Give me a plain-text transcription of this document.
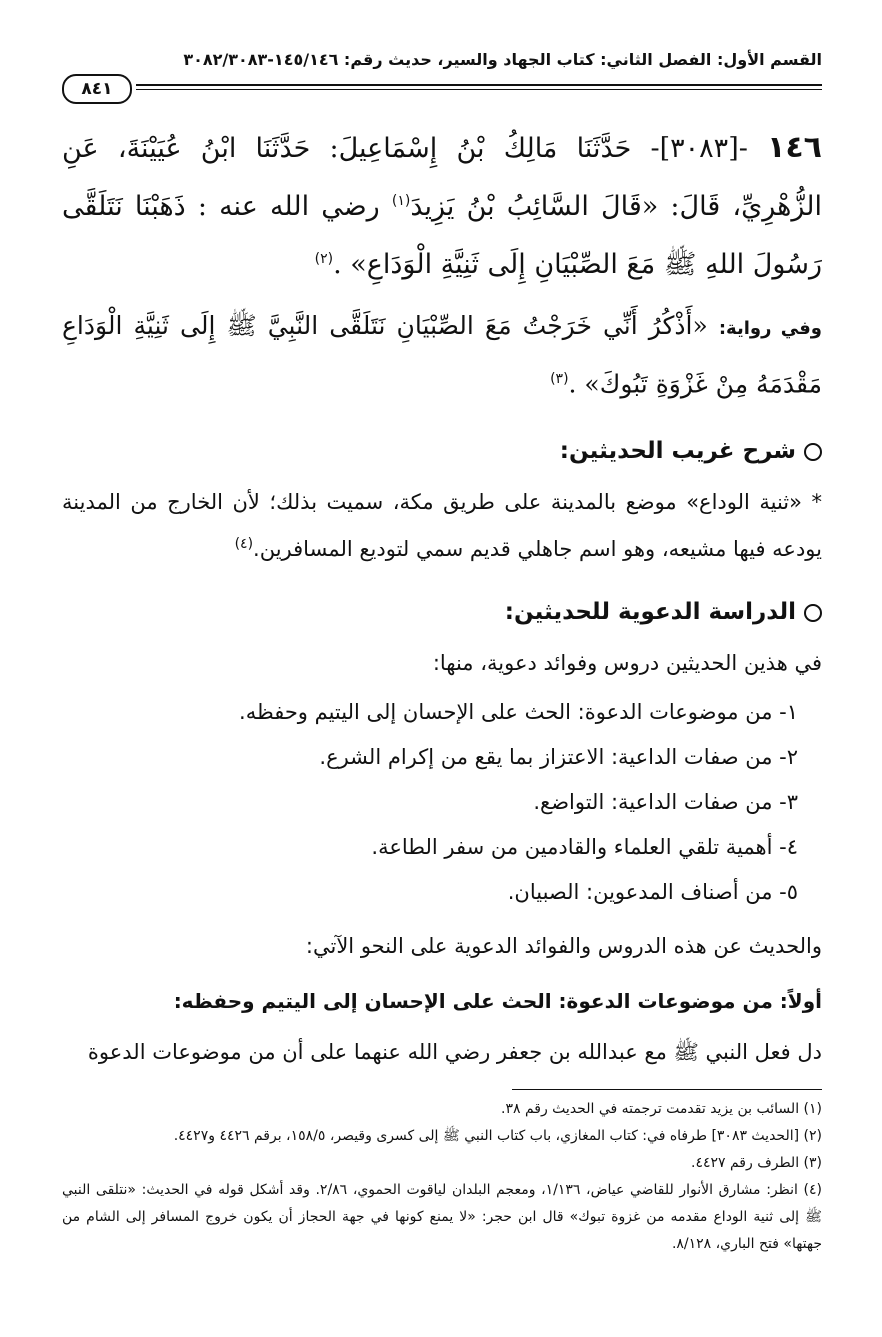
القسم الأول: الفصل الثاني: كتاب الجهاد والسير، حديث رقم: ١٤٥/١٤٦-٣٠٨٢/٣٠٨٣
٨٤١
١٤٦ -[٣٠٨٣]- حَدَّثَنَا مَالِكُ بْنُ إِسْمَاعِيلَ: حَدَّثَنَا ابْنُ عُيَيْنَةَ، عَنِ الزُّهْرِيِّ، قَالَ: «قَالَ السَّائِبُ بْنُ يَزِيدَ$^{(١)}$ رضي الله عنه : ذَهَبْنَا نَتَلَقَّى رَسُولَ اللهِ ﷺ مَعَ الصِّبْيَانِ إِلَى ثَنِيَّةِ الْوَدَاعِ» .$^{(٢)}$
وفي رواية: «أَذْكُرُ أَنِّي خَرَجْتُ مَعَ الصِّبْيَانِ نَتَلَقَّى النَّبِيَّ ﷺ إِلَى ثَنِيَّةِ الْوَدَاعِ مَقْدَمَهُ مِنْ غَزْوَةِ تَبُوكَ» .$^{(٣)}$
شرح غريب الحديثين:
* «ثنية الوداع» موضع بالمدينة على طريق مكة، سميت بذلك؛ لأن الخارج من المدينة يودعه فيها مشيعه، وهو اسم جاهلي قديم سمي لتوديع المسافرين.$^{(٤)}$
الدراسة الدعوية للحديثين:
في هذين الحديثين دروس وفوائد دعوية، منها:
١- من موضوعات الدعوة: الحث على الإحسان إلى اليتيم وحفظه.
٢- من صفات الداعية: الاعتزاز بما يقع من إكرام الشرع.
٣- من صفات الداعية: التواضع.
٤- أهمية تلقي العلماء والقادمين من سفر الطاعة.
٥- من أصناف المدعوين: الصبيان.
والحديث عن هذه الدروس والفوائد الدعوية على النحو الآتي:
أولاً: من موضوعات الدعوة: الحث على الإحسان إلى اليتيم وحفظه:
دل فعل النبي ﷺ مع عبدالله بن جعفر رضي الله عنهما على أن من موضوعات الدعوة
(١) السائب بن يزيد تقدمت ترجمته في الحديث رقم ٣٨.
(٢) [الحديث ٣٠٨٣] طرفاه في: كتاب المغازي، باب كتاب النبي ﷺ إلى كسرى وقيصر، ١٥٨/٥، برقم ٤٤٢٦ و٤٤٢٧.
(٣) الطرف رقم ٤٤٢٧.
(٤) انظر: مشارق الأنوار للقاضي عياض، ١/١٣٦، ومعجم البلدان لياقوت الحموي، ٢/٨٦. وقد أشكل قوله في الحديث: «نتلقى النبي ﷺ إلى ثنية الوداع مقدمه من غزوة تبوك» قال ابن حجر: «لا يمنع كونها في جهة الحجاز أن يكون خروج المسافر إلى الشام من جهتها» فتح الباري، ٨/١٢٨.
